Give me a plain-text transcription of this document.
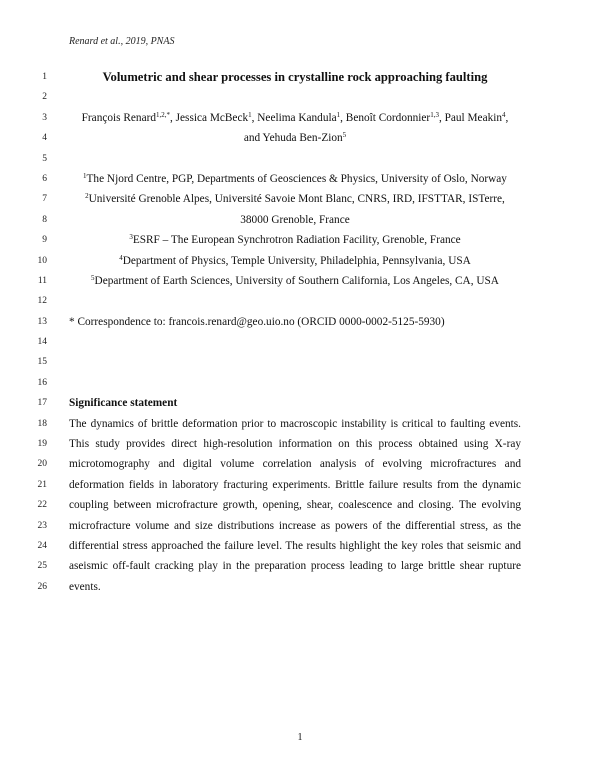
Renard et al., 2019, PNAS
1	Volumetric and shear processes in crystalline rock approaching faulting
2
3	François Renard$^{1,2,*}$, Jessica McBeck$^1$, Neelima Kandula$^1$, Benoît Cordonnier$^{1,3}$, Paul Meakin$^4$,
4	and Yehuda Ben-Zion$^5$
5
6	$^1$The Njord Centre, PGP, Departments of Geosciences & Physics, University of Oslo, Norway
7	$^2$Université Grenoble Alpes, Université Savoie Mont Blanc, CNRS, IRD, IFSTTAR, ISTerre,
8	38000 Grenoble, France
9	$^3$ESRF – The European Synchrotron Radiation Facility, Grenoble, France
10	$^4$Department of Physics, Temple University, Philadelphia, Pennsylvania, USA
11	$^5$Department of Earth Sciences, University of Southern California, Los Angeles, CA, USA
12
13 * Correspondence to: francois.renard@geo.uio.no (ORCID 0000-0002-5125-5930)
14
15
16
17 Significance statement
18 The dynamics of brittle deformation prior to macroscopic instability is critical to faulting events.
19 This study provides direct high-resolution information on this process obtained using X-ray
20 microtomography and digital volume correlation analysis of evolving microfractures and
21 deformation fields in laboratory fracturing experiments. Brittle failure results from the dynamic
22 coupling between microfracture growth, opening, shear, coalescence and closing. The evolving
23 microfracture volume and size distributions increase as powers of the differential stress, as the
24 differential stress approached the failure level. The results highlight the key roles that seismic and
25 aseismic off-fault cracking play in the preparation process leading to large brittle shear rupture
26 events.
1
